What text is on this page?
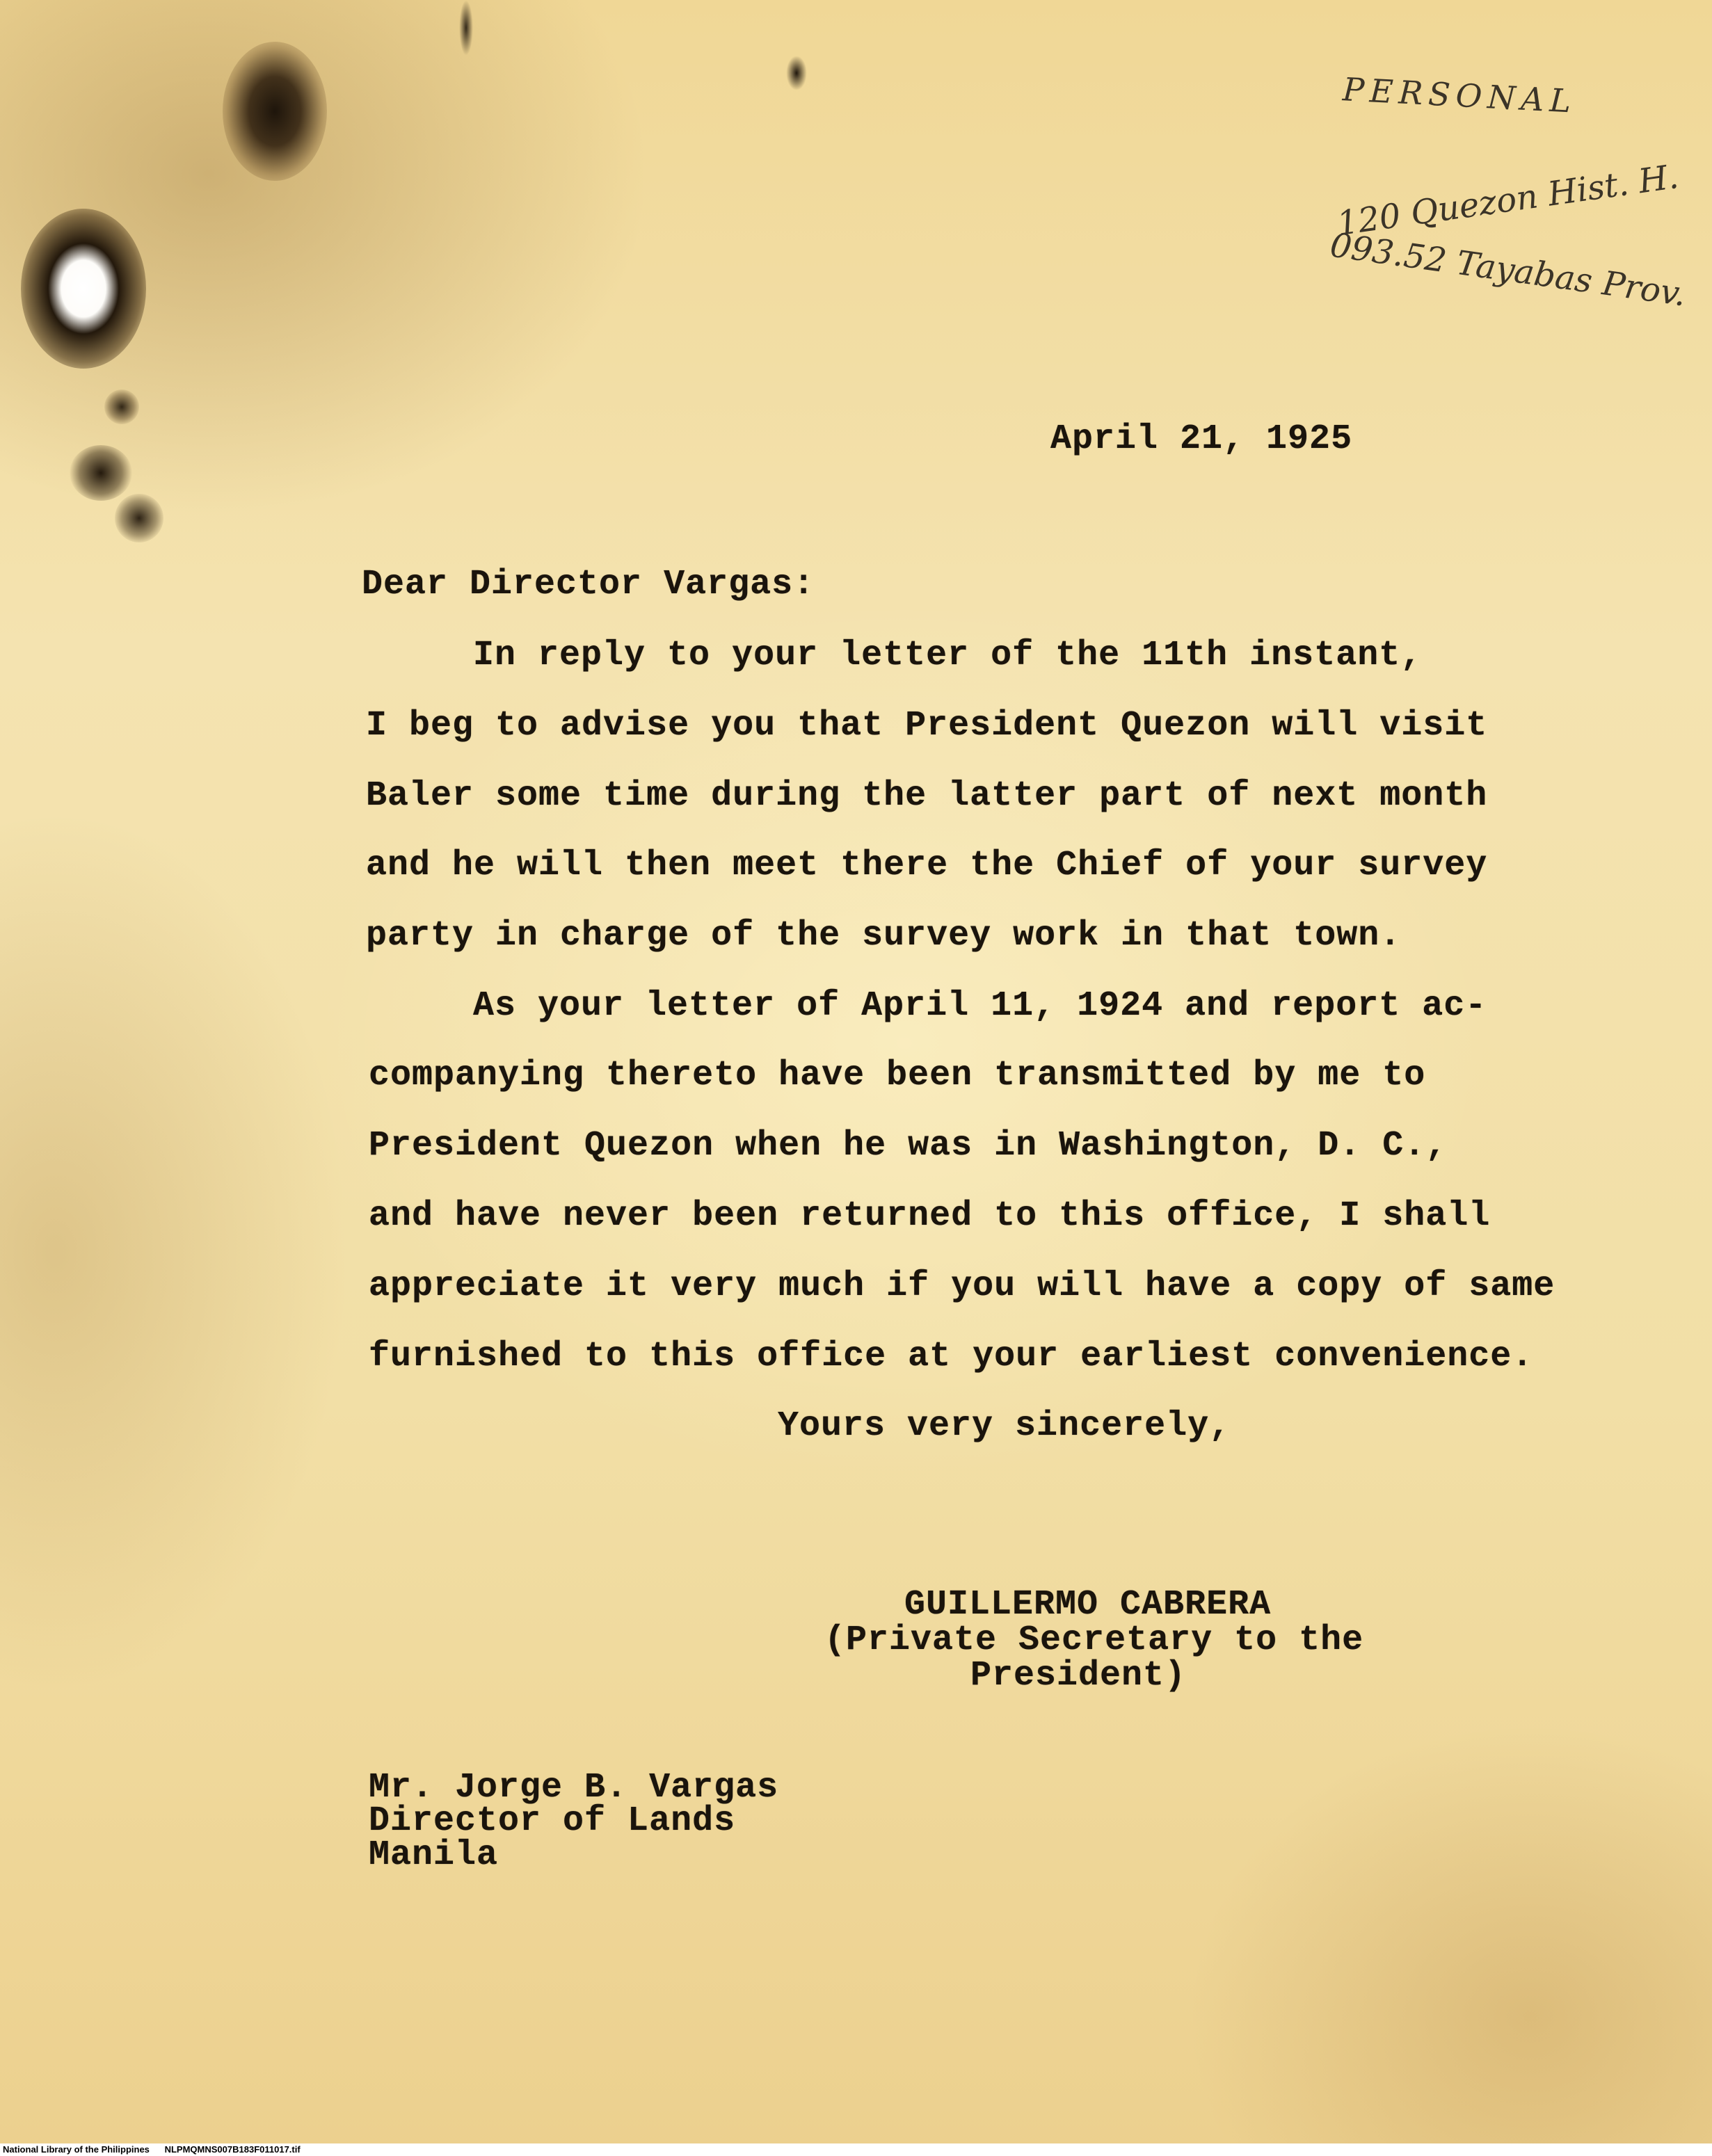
PERSONAL
120 Quezon Hist. H.
093.52 Tayabas Prov.
April 21, 1925
Dear Director Vargas:
In reply to your letter of the 11th instant,
I beg to advise you that President Quezon will visit
Baler some time during the latter part of next month
and he will then meet there the Chief of your survey
party in charge of the survey work in that town.
As your letter of April 11, 1924 and report ac-
companying thereto have been transmitted by me to
President Quezon when he was in Washington, D. C.,
and have never been returned to this office, I shall
appreciate it very much if you will have a copy of same
furnished to this office at your earliest convenience.
Yours very sincerely,
GUILLERMO CABRERA
(Private Secretary to the
President)
Mr. Jorge B. Vargas
Director of Lands
Manila
National Library of the Philippines NLPMQMNS007B183F011017.tif
